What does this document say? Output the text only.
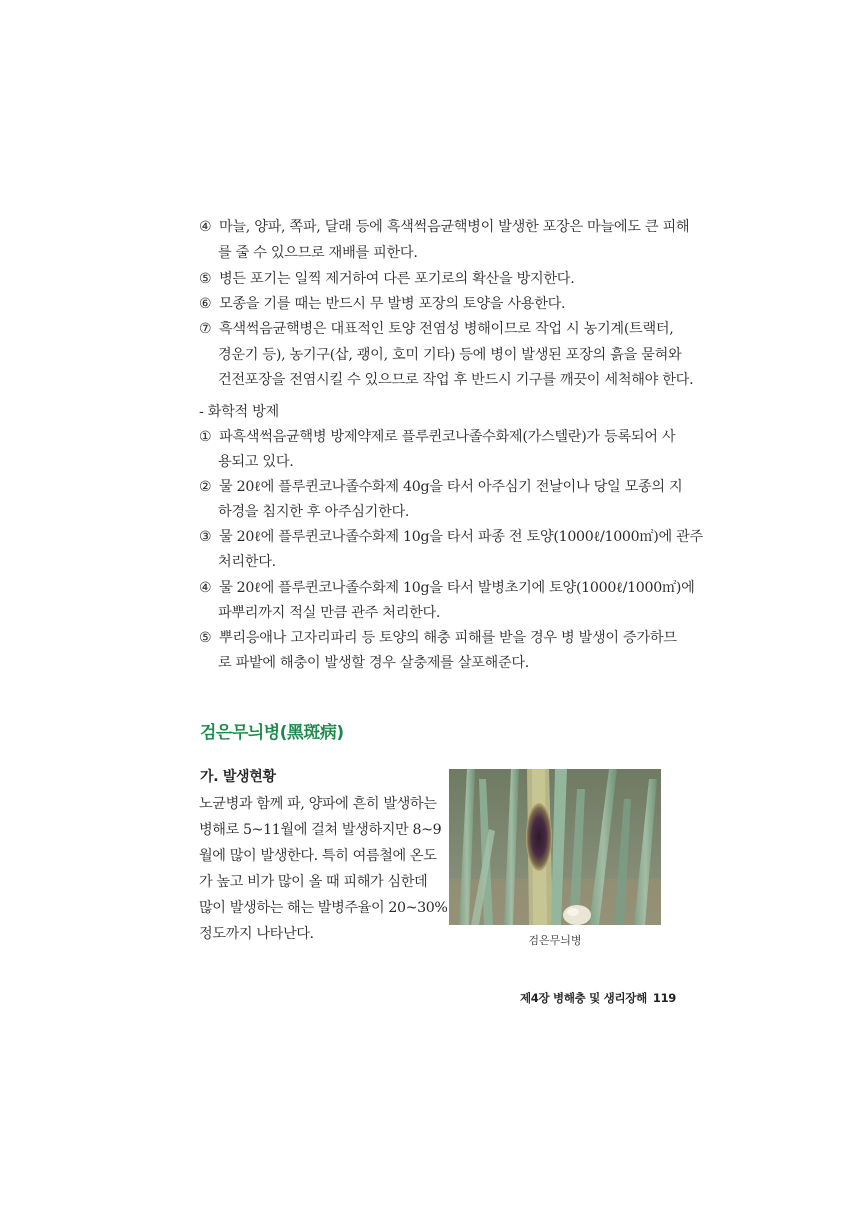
④ 마늘, 양파, 쪽파, 달래 등에 흑색썩음균핵병이 발생한 포장은 마늘에도 큰 피해
를 줄 수 있으므로 재배를 피한다.
⑤ 병든 포기는 일찍 제거하여 다른 포기로의 확산을 방지한다.
⑥ 모종을 기를 때는 반드시 무 발병 포장의 토양을 사용한다.
⑦ 흑색썩음균핵병은 대표적인 토양 전염성 병해이므로 작업 시 농기계(트랙터,
경운기 등), 농기구(삽, 괭이, 호미 기타) 등에 병이 발생된 포장의 흙을 묻혀와
건전포장을 전염시킬 수 있으므로 작업 후 반드시 기구를 깨끗이 세척해야 한다.
- 화학적 방제
① 파흑색썩음균핵병 방제약제로 플루퀸코나졸수화제(가스텔란)가 등록되어 사
용되고 있다.
② 물 20ℓ에 플루퀸코나졸수화제 40g을 타서 아주심기 전날이나 당일 모종의 지
하경을 침지한 후 아주심기한다.
③ 물 20ℓ에 플루퀸코나졸수화제 10g을 타서 파종 전 토양(1000ℓ/1000㎡)에 관주
처리한다.
④ 물 20ℓ에 플루퀸코나졸수화제 10g을 타서 발병초기에 토양(1000ℓ/1000㎡)에
파뿌리까지 적실 만큼 관주 처리한다.
⑤ 뿌리응애나 고자리파리 등 토양의 해충 피해를 받을 경우 병 발생이 증가하므
로 파밭에 해충이 발생할 경우 살충제를 살포해준다.
검은무늬병(黑斑病)
가. 발생현황
노균병과 함께 파, 양파에 흔히 발생하는
병해로 5~11월에 걸쳐 발생하지만 8~9
월에 많이 발생한다. 특히 여름철에 온도
가 높고 비가 많이 올 때 피해가 심한데
많이 발생하는 해는 발병주율이 20~30%
정도까지 나타난다.	검은무늬병
제4장 병해충 및 생리장해 119
